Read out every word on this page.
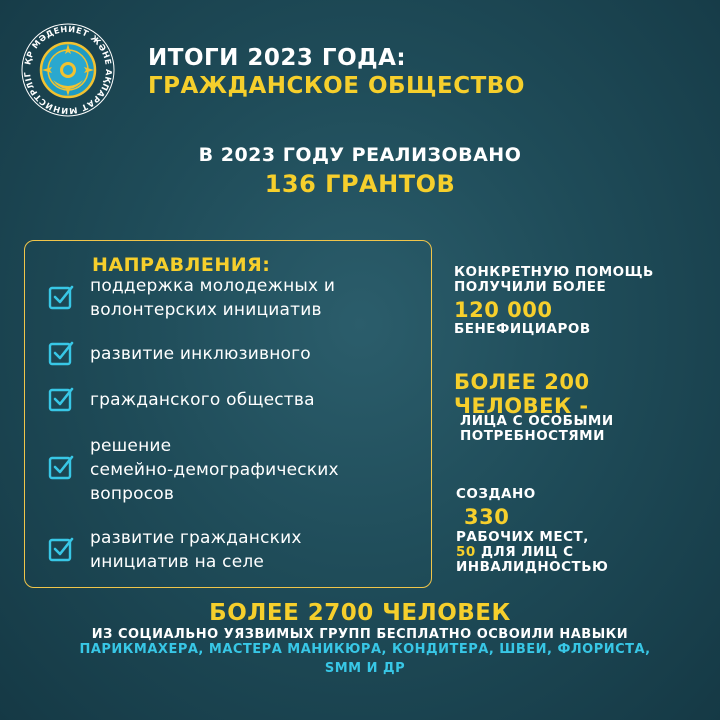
ҚР МӘДЕНИЕТ ЖӘНЕ АҚПАРАТ МИНИСТРЛІГ
ИТОГИ 2023 ГОДА:
ГРАЖДАНСКОЕ ОБЩЕСТВО
В 2023 ГОДУ РЕАЛИЗОВАНО
136 ГРАНТОВ
НАПРАВЛЕНИЯ:
поддержка молодежных и
волонтерских инициатив
развитие инклюзивного
гражданского общества
решение
семейно-демографических
вопросов
развитие гражданских
инициатив на селе
КОНКРЕТНУЮ ПОМОЩЬ
ПОЛУЧИЛИ БОЛЕЕ
120 000
БЕНЕФИЦИАРОВ
БОЛЕЕ 200
ЧЕЛОВЕК -
ЛИЦА С ОСОБЫМИ
ПОТРЕБНОСТЯМИ
СОЗДАНО
330
РАБОЧИХ МЕСТ,
50 ДЛЯ ЛИЦ С
ИНВАЛИДНОСТЬЮ
БОЛЕЕ 2700 ЧЕЛОВЕК
ИЗ СОЦИАЛЬНО УЯЗВИМЫХ ГРУПП БЕСПЛАТНО ОСВОИЛИ НАВЫКИ
ПАРИКМАХЕРА, МАСТЕРА МАНИКЮРА, КОНДИТЕРА, ШВЕИ, ФЛОРИСТА,
SMM И ДР
